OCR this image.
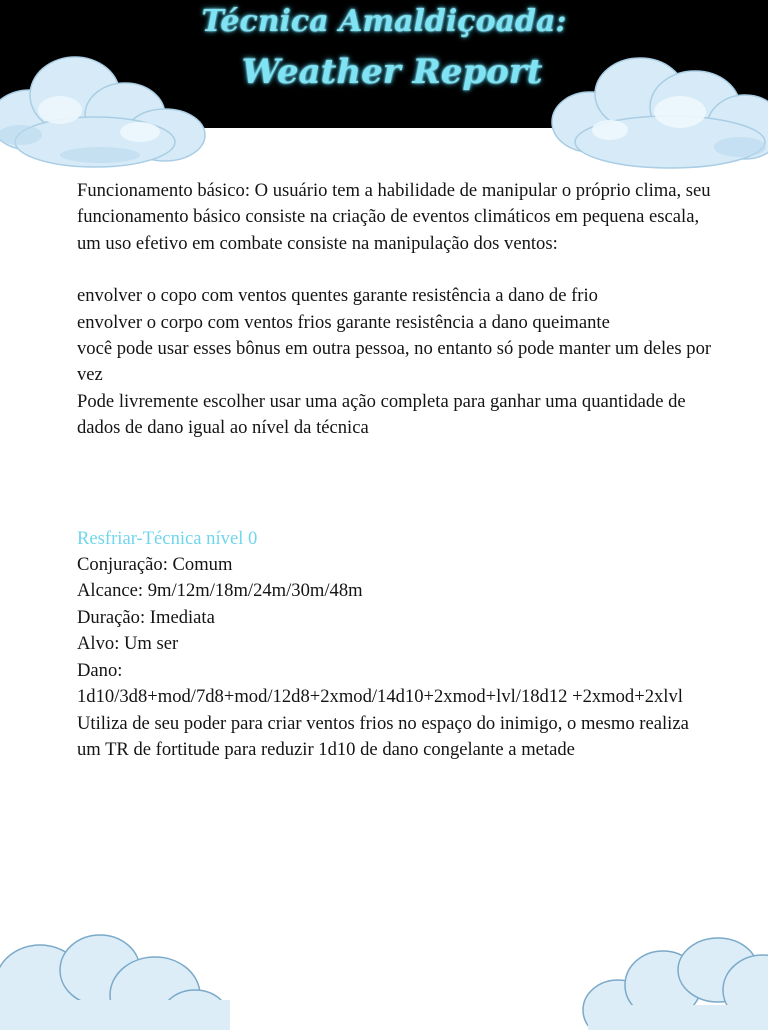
Técnica Amaldiçoada:
Weather Report

Funcionamento básico: O usuário tem a habilidade de manipular o próprio clima, seu funcionamento básico consiste na criação de eventos climáticos em pequena escala, um uso efetivo em combate consiste na manipulação dos ventos:

envolver o copo com ventos quentes garante resistência a dano de frio

envolver o corpo com ventos frios garante resistência a dano queimante

você pode usar esses bônus em outra pessoa, no entanto só pode manter um deles por vez

Pode livremente escolher usar uma ação completa para ganhar uma quantidade de dados de dano igual ao nível da técnica

Resfriar-Técnica nível 0

Conjuração: Comum

Alcance: 9m/12m/18m/24m/30m/48m

Duração: Imediata

Alvo: Um ser

Dano:

1d10/3d8+mod/7d8+mod/12d8+2xmod/14d10+2xmod+lvl/18d12 +2xmod+2xlvl

Utiliza de seu poder para criar ventos frios no espaço do inimigo, o mesmo realiza um TR de fortitude para reduzir 1d10 de dano congelante a metade
